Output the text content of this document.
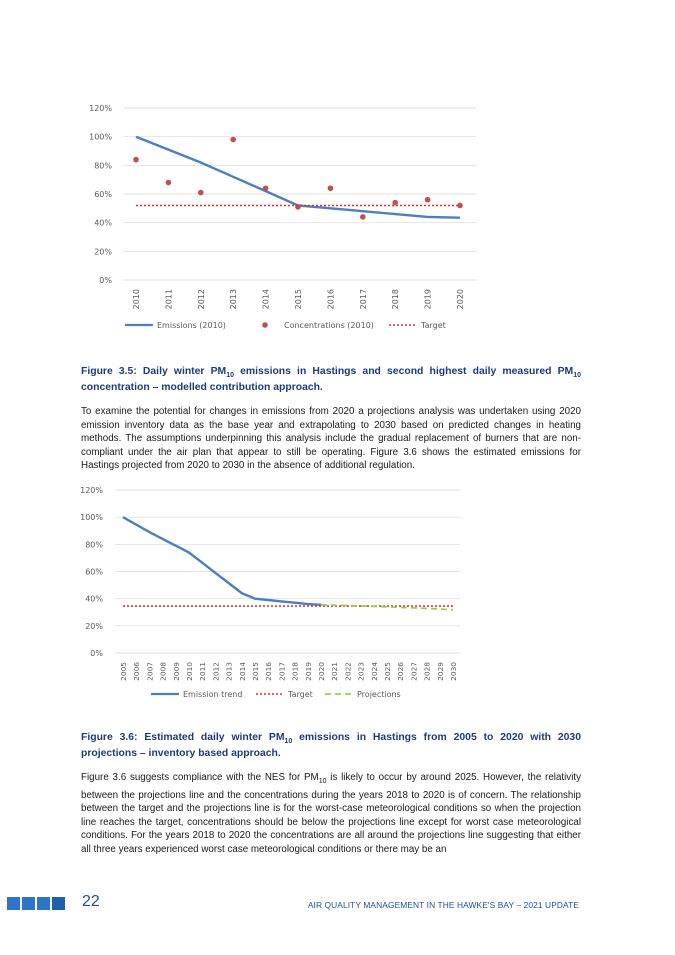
0%
20%
40%
60%
80%
100%
120%
2010	2011	2012	2013	2014	2015	2016	2017	2018	2019	2020
Emissions (2010)	Concentrations (2010)	Target
Figure 3.5: Daily winter $PM_{10}$ emissions in Hastings and second highest daily measured $PM_{10}$ concentration – modelled contribution approach.
To examine the potential for changes in emissions from 2020 a projections analysis was undertaken using 2020 emission inventory data as the base year and extrapolating to 2030 based on predicted changes in heating methods. The assumptions underpinning this analysis include the gradual replacement of burners that are non-compliant under the air plan that appear to still be operating. Figure 3.6 shows the estimated emissions for Hastings projected from 2020 to 2030 in the absence of additional regulation.
0%
20%
40%
60%
80%
100%
120%
2005 2006 2007 2008 2009 2010 2011 2012 2013 2014 2015 2016 2017 2018 2019 2020 2021 2022 2023 2024 2025 2026 2027 2028 2029 2030
Emission trend	Target	Projections
Figure 3.6: Estimated daily winter $PM_{10}$ emissions in Hastings from 2005 to 2020 with 2030 projections – inventory based approach.
Figure 3.6 suggests compliance with the NES for $PM_{10}$ is likely to occur by around 2025. However, the relativity between the projections line and the concentrations during the years 2018 to 2020 is of concern. The relationship between the target and the projections line is for the worst-case meteorological conditions so when the projection line reaches the target, concentrations should be below the projections line except for worst case meteorological conditions. For the years 2018 to 2020 the concentrations are all around the projections line suggesting that either all three years experienced worst case meteorological conditions or there may be an
22	AIR QUALITY MANAGEMENT IN THE HAWKE'S BAY – 2021 UPDATE
